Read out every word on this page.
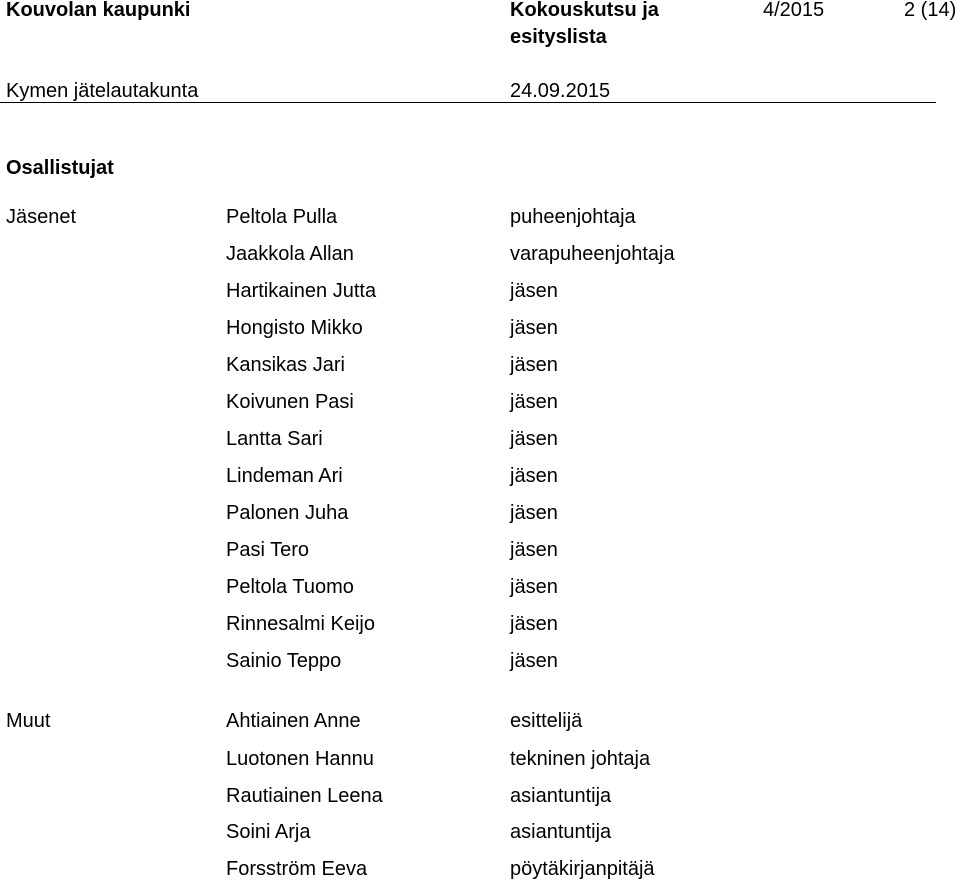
Kouvolan kaupunki	Kokouskutsu ja
esityslista
4/2015	2 (14)
Kymen jätelautakunta	24.09.2015
Osallistujat
Jäsenet	Peltola Pulla	puheenjohtaja
Jaakkola Allan	varapuheenjohtaja
Hartikainen Jutta	jäsen
Hongisto Mikko	jäsen
Kansikas Jari	jäsen
Koivunen Pasi	jäsen
Lantta Sari	jäsen
Lindeman Ari	jäsen
Palonen Juha	jäsen
Pasi Tero	jäsen
Peltola Tuomo	jäsen
Rinnesalmi Keijo	jäsen
Sainio Teppo	jäsen
Muut	Ahtiainen Anne	esittelijä
Luotonen Hannu	tekninen johtaja
Rautiainen Leena	asiantuntija
Soini Arja	asiantuntija
Forsström Eeva	pöytäkirjanpitäjä
